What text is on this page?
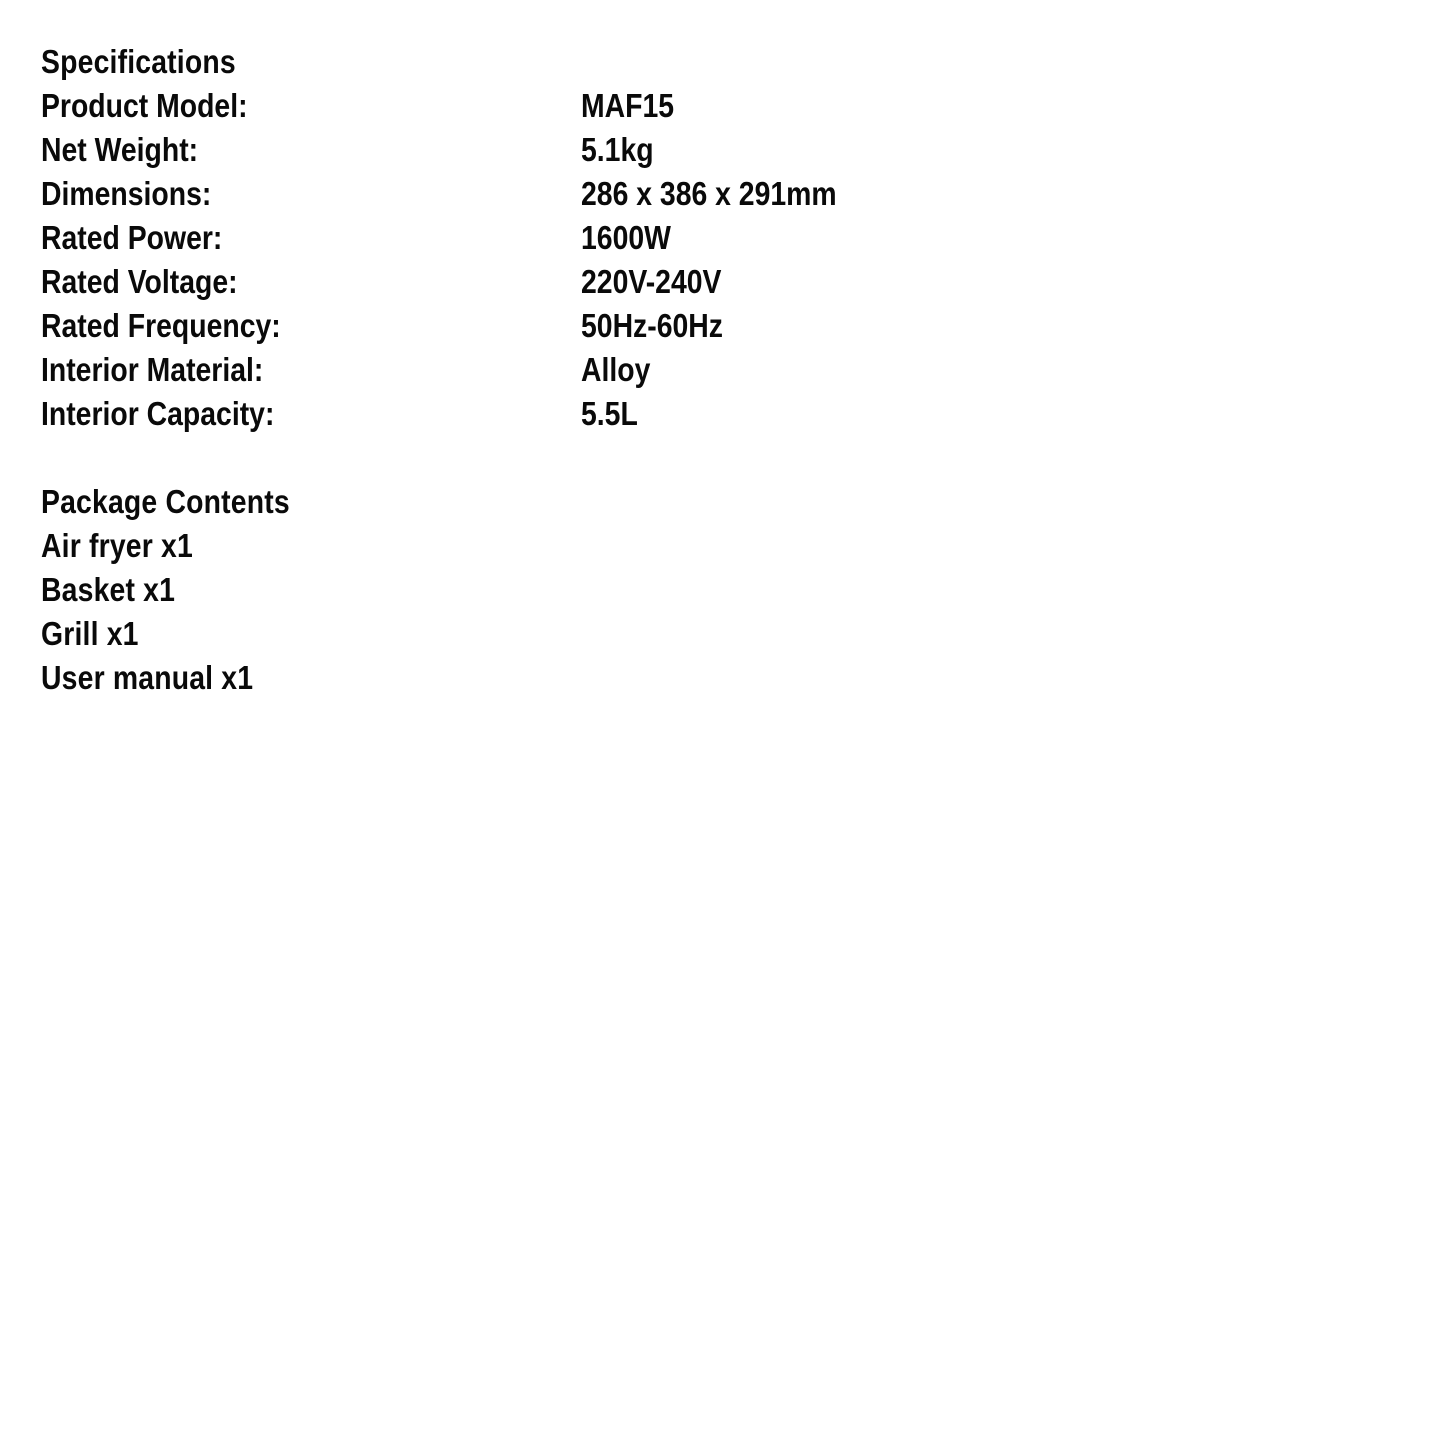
Specifications
Product Model:	MAF15
Net Weight:	5.1kg
Dimensions:	286 x 386 x 291mm
Rated Power:	1600W
Rated Voltage:	220V-240V
Rated Frequency:	50Hz-60Hz
Interior Material:	Alloy
Interior Capacity:	5.5L
Package Contents
Air fryer x1
Basket x1
Grill x1
User manual x1
